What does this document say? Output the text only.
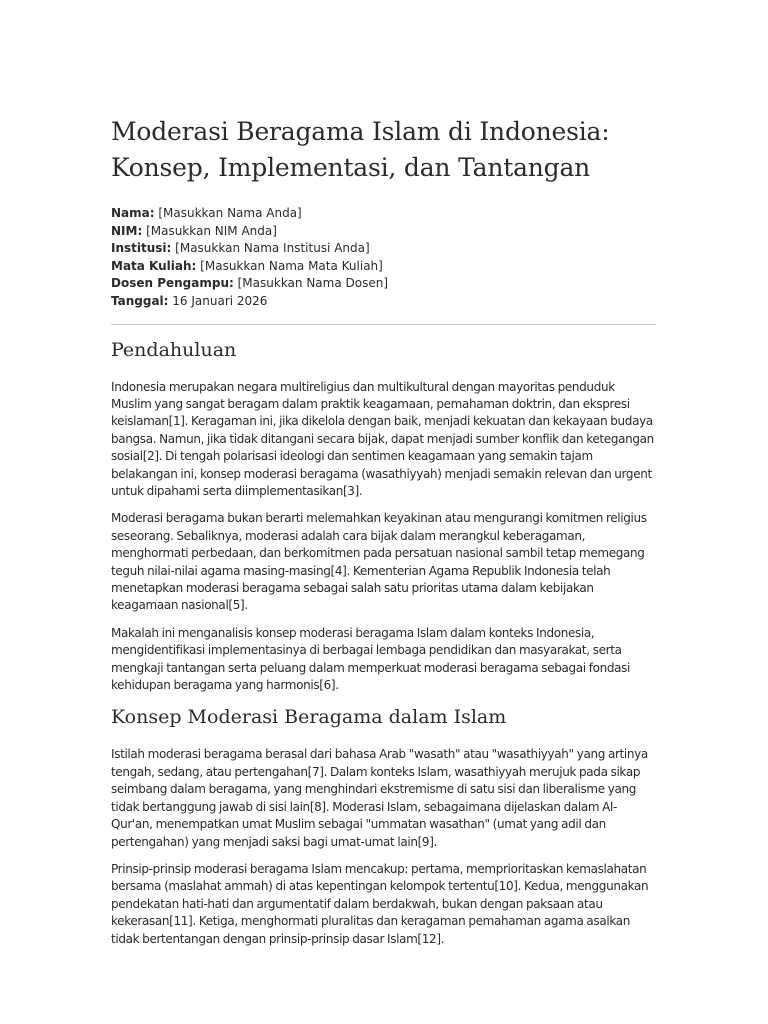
Moderasi Beragama Islam di Indonesia: Konsep, Implementasi, dan Tantangan
Nama: [Masukkan Nama Anda]
NIM: [Masukkan NIM Anda]
Institusi: [Masukkan Nama Institusi Anda]
Mata Kuliah: [Masukkan Nama Mata Kuliah]
Dosen Pengampu: [Masukkan Nama Dosen]
Tanggal: 16 Januari 2026
Pendahuluan

Indonesia merupakan negara multireligius dan multikultural dengan mayoritas penduduk Muslim yang sangat beragam dalam praktik keagamaan, pemahaman doktrin, dan ekspresi keislaman[1]. Keragaman ini, jika dikelola dengan baik, menjadi kekuatan dan kekayaan budaya bangsa. Namun, jika tidak ditangani secara bijak, dapat menjadi sumber konflik dan ketegangan sosial[2]. Di tengah polarisasi ideologi dan sentimen keagamaan yang semakin tajam belakangan ini, konsep moderasi beragama (wasathiyyah) menjadi semakin relevan dan urgent untuk dipahami serta diimplementasikan[3].

Moderasi beragama bukan berarti melemahkan keyakinan atau mengurangi komitmen religius seseorang. Sebaliknya, moderasi adalah cara bijak dalam merangkul keberagaman, menghormati perbedaan, dan berkomitmen pada persatuan nasional sambil tetap memegang teguh nilai-nilai agama masing-masing[4]. Kementerian Agama Republik Indonesia telah menetapkan moderasi beragama sebagai salah satu prioritas utama dalam kebijakan keagamaan nasional[5].

Makalah ini menganalisis konsep moderasi beragama Islam dalam konteks Indonesia, mengidentifikasi implementasinya di berbagai lembaga pendidikan dan masyarakat, serta mengkaji tantangan serta peluang dalam memperkuat moderasi beragama sebagai fondasi kehidupan beragama yang harmonis[6].

Konsep Moderasi Beragama dalam Islam

Istilah moderasi beragama berasal dari bahasa Arab "wasath" atau "wasathiyyah" yang artinya tengah, sedang, atau pertengahan[7]. Dalam konteks Islam, wasathiyyah merujuk pada sikap seimbang dalam beragama, yang menghindari ekstremisme di satu sisi dan liberalisme yang tidak bertanggung jawab di sisi lain[8]. Moderasi Islam, sebagaimana dijelaskan dalam Al-Qur'an, menempatkan umat Muslim sebagai "ummatan wasathan" (umat yang adil dan pertengahan) yang menjadi saksi bagi umat-umat lain[9].

Prinsip-prinsip moderasi beragama Islam mencakup: pertama, memprioritaskan kemaslahatan bersama (maslahat ammah) di atas kepentingan kelompok tertentu[10]. Kedua, menggunakan pendekatan hati-hati dan argumentatif dalam berdakwah, bukan dengan paksaan atau kekerasan[11]. Ketiga, menghormati pluralitas dan keragaman pemahaman agama asalkan tidak bertentangan dengan prinsip-prinsip dasar Islam[12].
